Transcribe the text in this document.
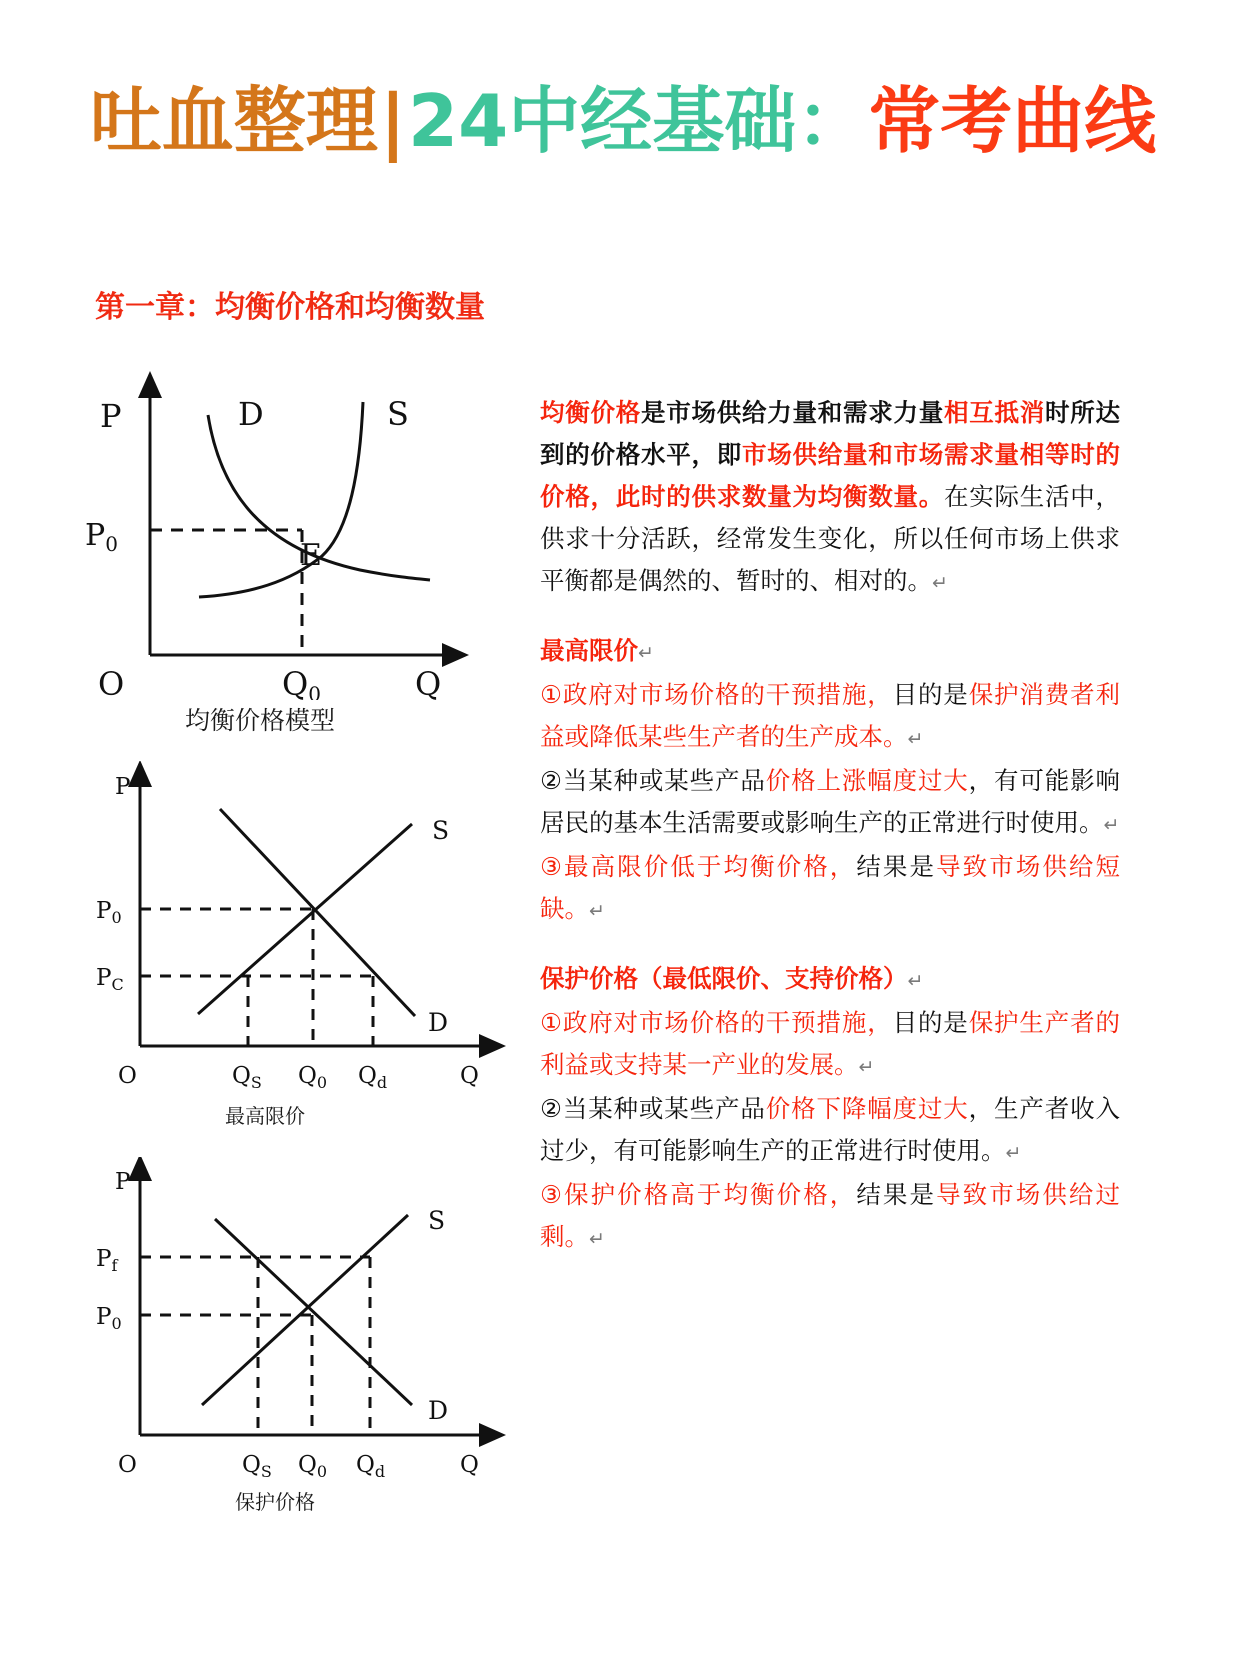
吐血整理|24中经基础：常考曲线
第一章：均衡价格和均衡数量
P	D	S
$P_0$	E
O	Q0	Q
均衡价格模型
P
S
D
$P_0$
$P_C$
O	$Q_S$ $Q_0$ $Q_d$	Q
最高限价
P
S
D
$P_f$
$P_0$
O	$Q_S$ $Q_0$ $Q_d$	Q
保护价格

均衡价格是市场供给力量和需求力量相互抵消时所达到的价格水平，即市场供给量和市场需求量相等时的价格，此时的供求数量为均衡数量。在实际生活中，供求十分活跃，经常发生变化，所以任何市场上供求平衡都是偶然的、暂时的、相对的。↵

最高限价↵

①政府对市场价格的干预措施，目的是保护消费者利益或降低某些生产者的生产成本。↵

②当某种或某些产品价格上涨幅度过大，有可能影响居民的基本生活需要或影响生产的正常进行时使用。↵

③最高限价低于均衡价格，结果是导致市场供给短缺。↵

保护价格（最低限价、支持价格）↵

①政府对市场价格的干预措施，目的是保护生产者的利益或支持某一产业的发展。↵

②当某种或某些产品价格下降幅度过大，生产者收入过少，有可能影响生产的正常进行时使用。↵

③保护价格高于均衡价格，结果是导致市场供给过剩。↵
